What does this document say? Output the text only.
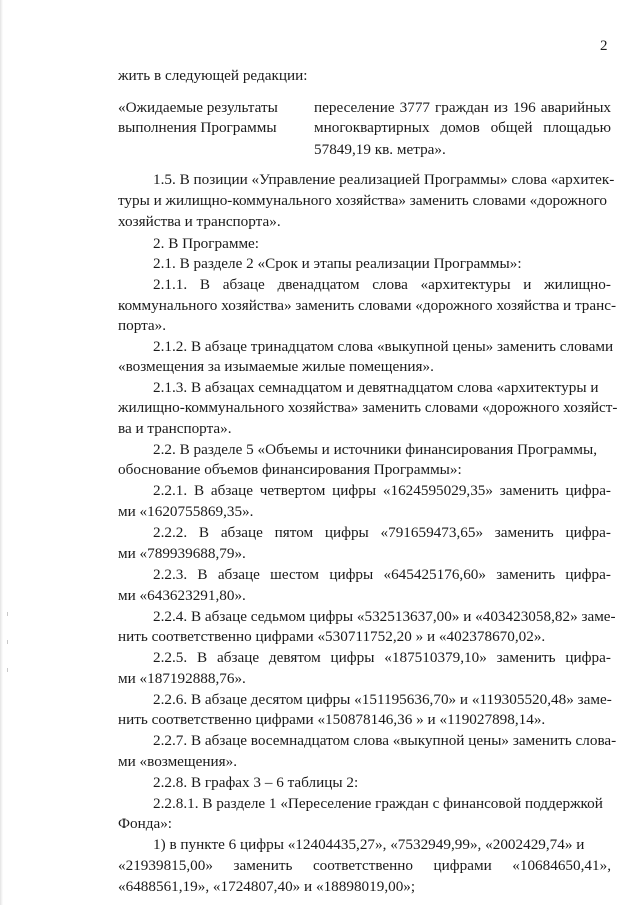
2
жить в следующей редакции:
«Ожидаемые результаты переселение 3777 граждан из 196 аварийных
выполнения Программы многоквартирных домов общей площадью
57849,19 кв. метра».
1.5. В позиции «Управление реализацией Программы» слова «архитек-
туры и жилищно-коммунального хозяйства» заменить словами «дорожного
хозяйства и транспорта».
2. В Программе:
2.1. В разделе 2 «Срок и этапы реализации Программы»:
2.1.1. В абзаце двенадцатом слова «архитектуры и жилищно-
коммунального хозяйства» заменить словами «дорожного хозяйства и транс-
порта».
2.1.2. В абзаце тринадцатом слова «выкупной цены» заменить словами
«возмещения за изымаемые жилые помещения».
2.1.3. В абзацах семнадцатом и девятнадцатом слова «архитектуры и
жилищно-коммунального хозяйства» заменить словами «дорожного хозяйст-
ва и транспорта».
2.2. В разделе 5 «Объемы и источники финансирования Программы,
обоснование объемов финансирования Программы»:
2.2.1. В абзаце четвертом цифры «1624595029,35» заменить цифра-
ми «1620755869,35».
2.2.2. В абзаце пятом цифры «791659473,65» заменить цифра-
ми «789939688,79».
2.2.3. В абзаце шестом цифры «645425176,60» заменить цифра-
ми «643623291,80».
2.2.4. В абзаце седьмом цифры «532513637,00» и «403423058,82» заме-
нить соответственно цифрами «530711752,20 » и «402378670,02».
2.2.5. В абзаце девятом цифры «187510379,10» заменить цифра-
ми «187192888,76».
2.2.6. В абзаце десятом цифры «151195636,70» и «119305520,48» заме-
нить соответственно цифрами «150878146,36 » и «119027898,14».
2.2.7. В абзаце восемнадцатом слова «выкупной цены» заменить слова-
ми «возмещения».
2.2.8. В графах 3 – 6 таблицы 2:
2.2.8.1. В разделе 1 «Переселение граждан с финансовой поддержкой
Фонда»:
1) в пункте 6 цифры «12404435,27», «7532949,99», «2002429,74» и
«21939815,00» заменить соответственно цифрами «10684650,41»,
«6488561,19», «1724807,40» и «18898019,00»;
